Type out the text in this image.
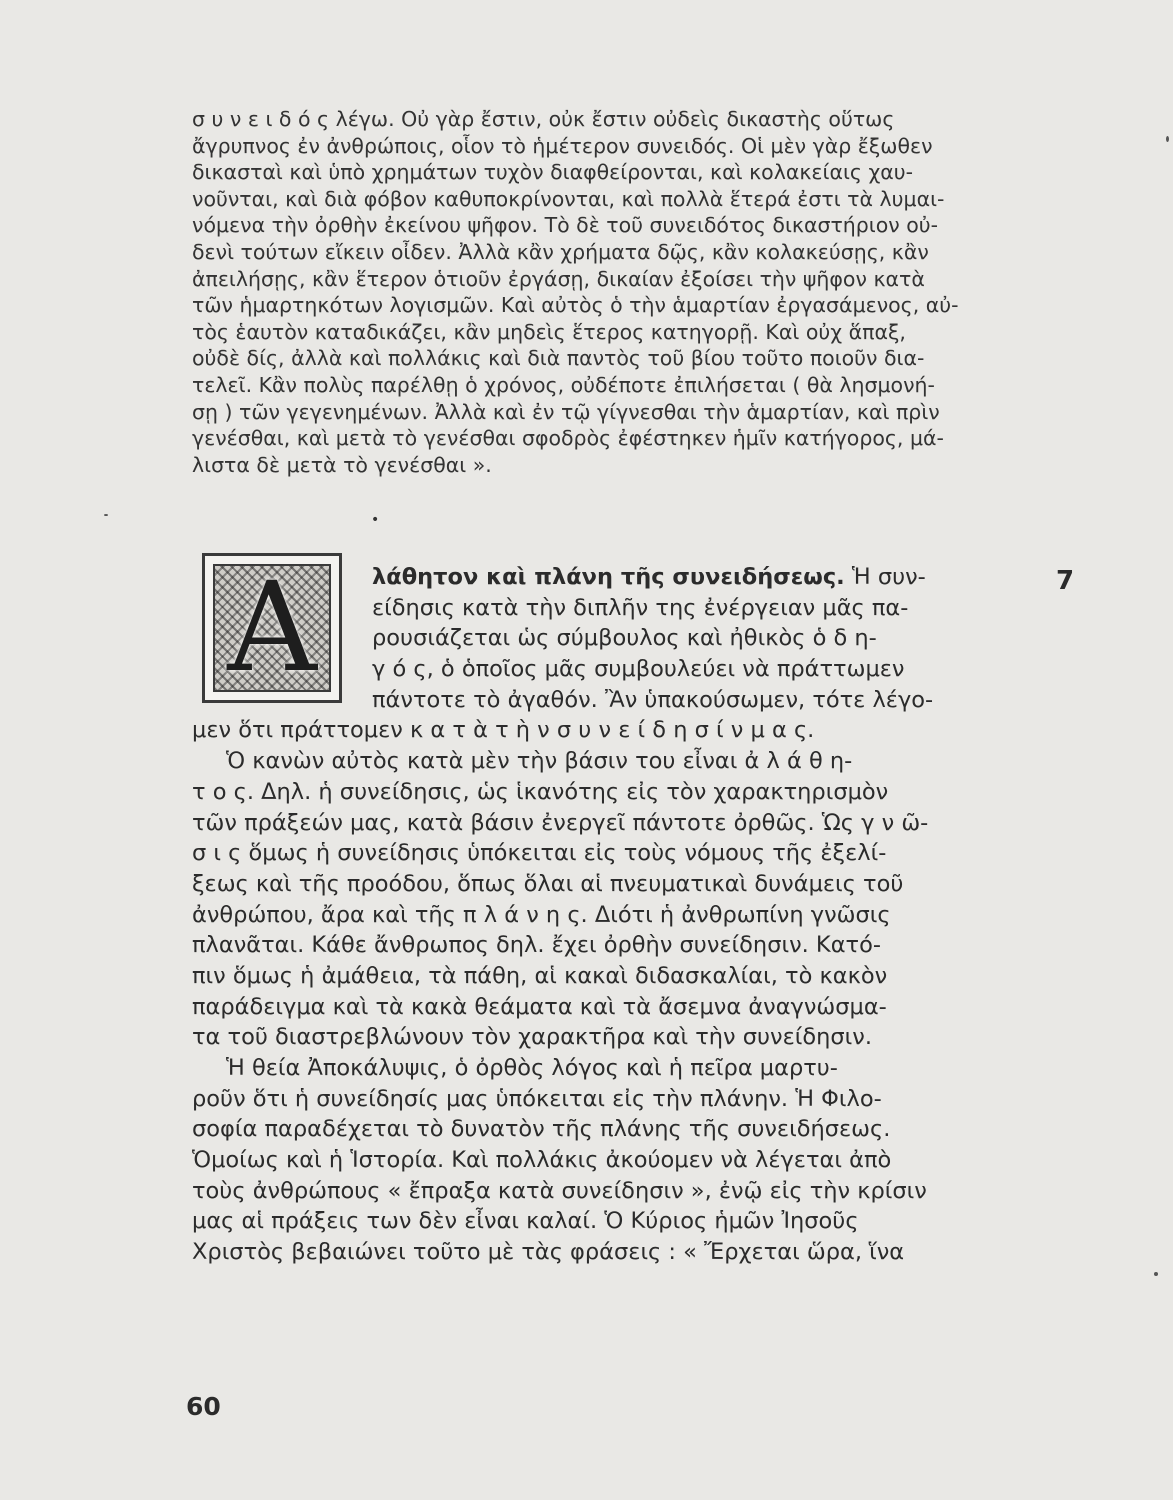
σ υ ν ε ι δ ό ς λέγω. Οὐ γὰρ ἔστιν, οὐκ ἔστιν οὐδεὶς δικαστὴς οὕτως
ἄγρυπνος ἐν ἀνθρώποις, οἷον τὸ ἡμέτερον συνειδός. Οἱ μὲν γὰρ ἔξωθεν
δικασταὶ καὶ ὑπὸ χρημάτων τυχὸν διαφθείρονται, καὶ κολακείαις χαυ-
νοῦνται, καὶ διὰ φόβον καθυποκρίνονται, καὶ πολλὰ ἕτερά ἐστι τὰ λυμαι-
νόμενα τὴν ὀρθὴν ἐκείνου ψῆφον. Τὸ δὲ τοῦ συνειδότος δικαστήριον οὐ-
δενὶ τούτων εἴκειν οἶδεν. Ἀλλὰ κἂν χρήματα δῷς, κἂν κολακεύσῃς, κἂν
ἀπειλήσῃς, κἂν ἕτερον ὁτιοῦν ἐργάσῃ, δικαίαν ἐξοίσει τὴν ψῆφον κατὰ
τῶν ἡμαρτηκότων λογισμῶν. Καὶ αὐτὸς ὁ τὴν ἁμαρτίαν ἐργασάμενος, αὐ-
τὸς ἑαυτὸν καταδικάζει, κἂν μηδεὶς ἕτερος κατηγορῇ. Καὶ οὐχ ἅπαξ,
οὐδὲ δίς, ἀλλὰ καὶ πολλάκις καὶ διὰ παντὸς τοῦ βίου τοῦτο ποιοῦν δια-
τελεῖ. Κἂν πολὺς παρέλθῃ ὁ χρόνος, οὐδέποτε ἐπιλήσεται ( θὰ λησμονή-
σῃ ) τῶν γεγενημένων. Ἀλλὰ καὶ ἐν τῷ γίγνεσθαι τὴν ἁμαρτίαν, καὶ πρὶν
γενέσθαι, καὶ μετὰ τὸ γενέσθαι σφοδρὸς ἐφέστηκεν ἡμῖν κατήγορος, μά-
λιστα δὲ μετὰ τὸ γενέσθαι ».
•
Α	λάθητον καὶ πλάνη τῆς συνειδήσεως. Ἡ συν-
είδησις κατὰ τὴν διπλῆν της ἐνέργειαν μᾶς πα-
ρουσιάζεται ὡς σύμβουλος καὶ ἠθικὸς ὁ δ η-
γ ό ς, ὁ ὁποῖος μᾶς συμβουλεύει νὰ πράττωμεν
πάντοτε τὸ ἀγαθόν. Ἂν ὑπακούσωμεν, τότε λέγο-
μεν ὅτι πράττομεν κ α τ ὰ τ ὴ ν σ υ ν ε ί δ η σ ί ν μ α ς.
Ὁ κανὼν αὐτὸς κατὰ μὲν τὴν βάσιν του εἶναι ἀ λ ά θ η-
τ ο ς. Δηλ. ἡ συνείδησις, ὡς ἱκανότης εἰς τὸν χαρακτηρισμὸν
τῶν πράξεών μας, κατὰ βάσιν ἐνεργεῖ πάντοτε ὀρθῶς. Ὡς γ ν ῶ-
σ ι ς ὅμως ἡ συνείδησις ὑπόκειται εἰς τοὺς νόμους τῆς ἐξελί-
ξεως καὶ τῆς προόδου, ὅπως ὅλαι αἱ πνευματικαὶ δυνάμεις τοῦ
ἀνθρώπου, ἄρα καὶ τῆς π λ ά ν η ς. Διότι ἡ ἀνθρωπίνη γνῶσις
πλανᾶται. Κάθε ἄνθρωπος δηλ. ἔχει ὀρθὴν συνείδησιν. Κατό-
πιν ὅμως ἡ ἀμάθεια, τὰ πάθη, αἱ κακαὶ διδασκαλίαι, τὸ κακὸν
παράδειγμα καὶ τὰ κακὰ θεάματα καὶ τὰ ἄσεμνα ἀναγνώσμα-
τα τοῦ διαστρεβλώνουν τὸν χαρακτῆρα καὶ τὴν συνείδησιν.
Ἡ θεία Ἀποκάλυψις, ὁ ὀρθὸς λόγος καὶ ἡ πεῖρα μαρτυ-
ροῦν ὅτι ἡ συνείδησίς μας ὑπόκειται εἰς τὴν πλάνην. Ἡ Φιλο-
σοφία παραδέχεται τὸ δυνατὸν τῆς πλάνης τῆς συνειδήσεως.
Ὁμοίως καὶ ἡ Ἱστορία. Καὶ πολλάκις ἀκούομεν νὰ λέγεται ἀπὸ
τοὺς ἀνθρώπους « ἔπραξα κατὰ συνείδησιν », ἐνῷ εἰς τὴν κρίσιν
μας αἱ πράξεις των δὲν εἶναι καλαί. Ὁ Κύριος ἡμῶν Ἰησοῦς
Χριστὸς βεβαιώνει τοῦτο μὲ τὰς φράσεις : « Ἔρχεται ὥρα, ἵνα
7
60
